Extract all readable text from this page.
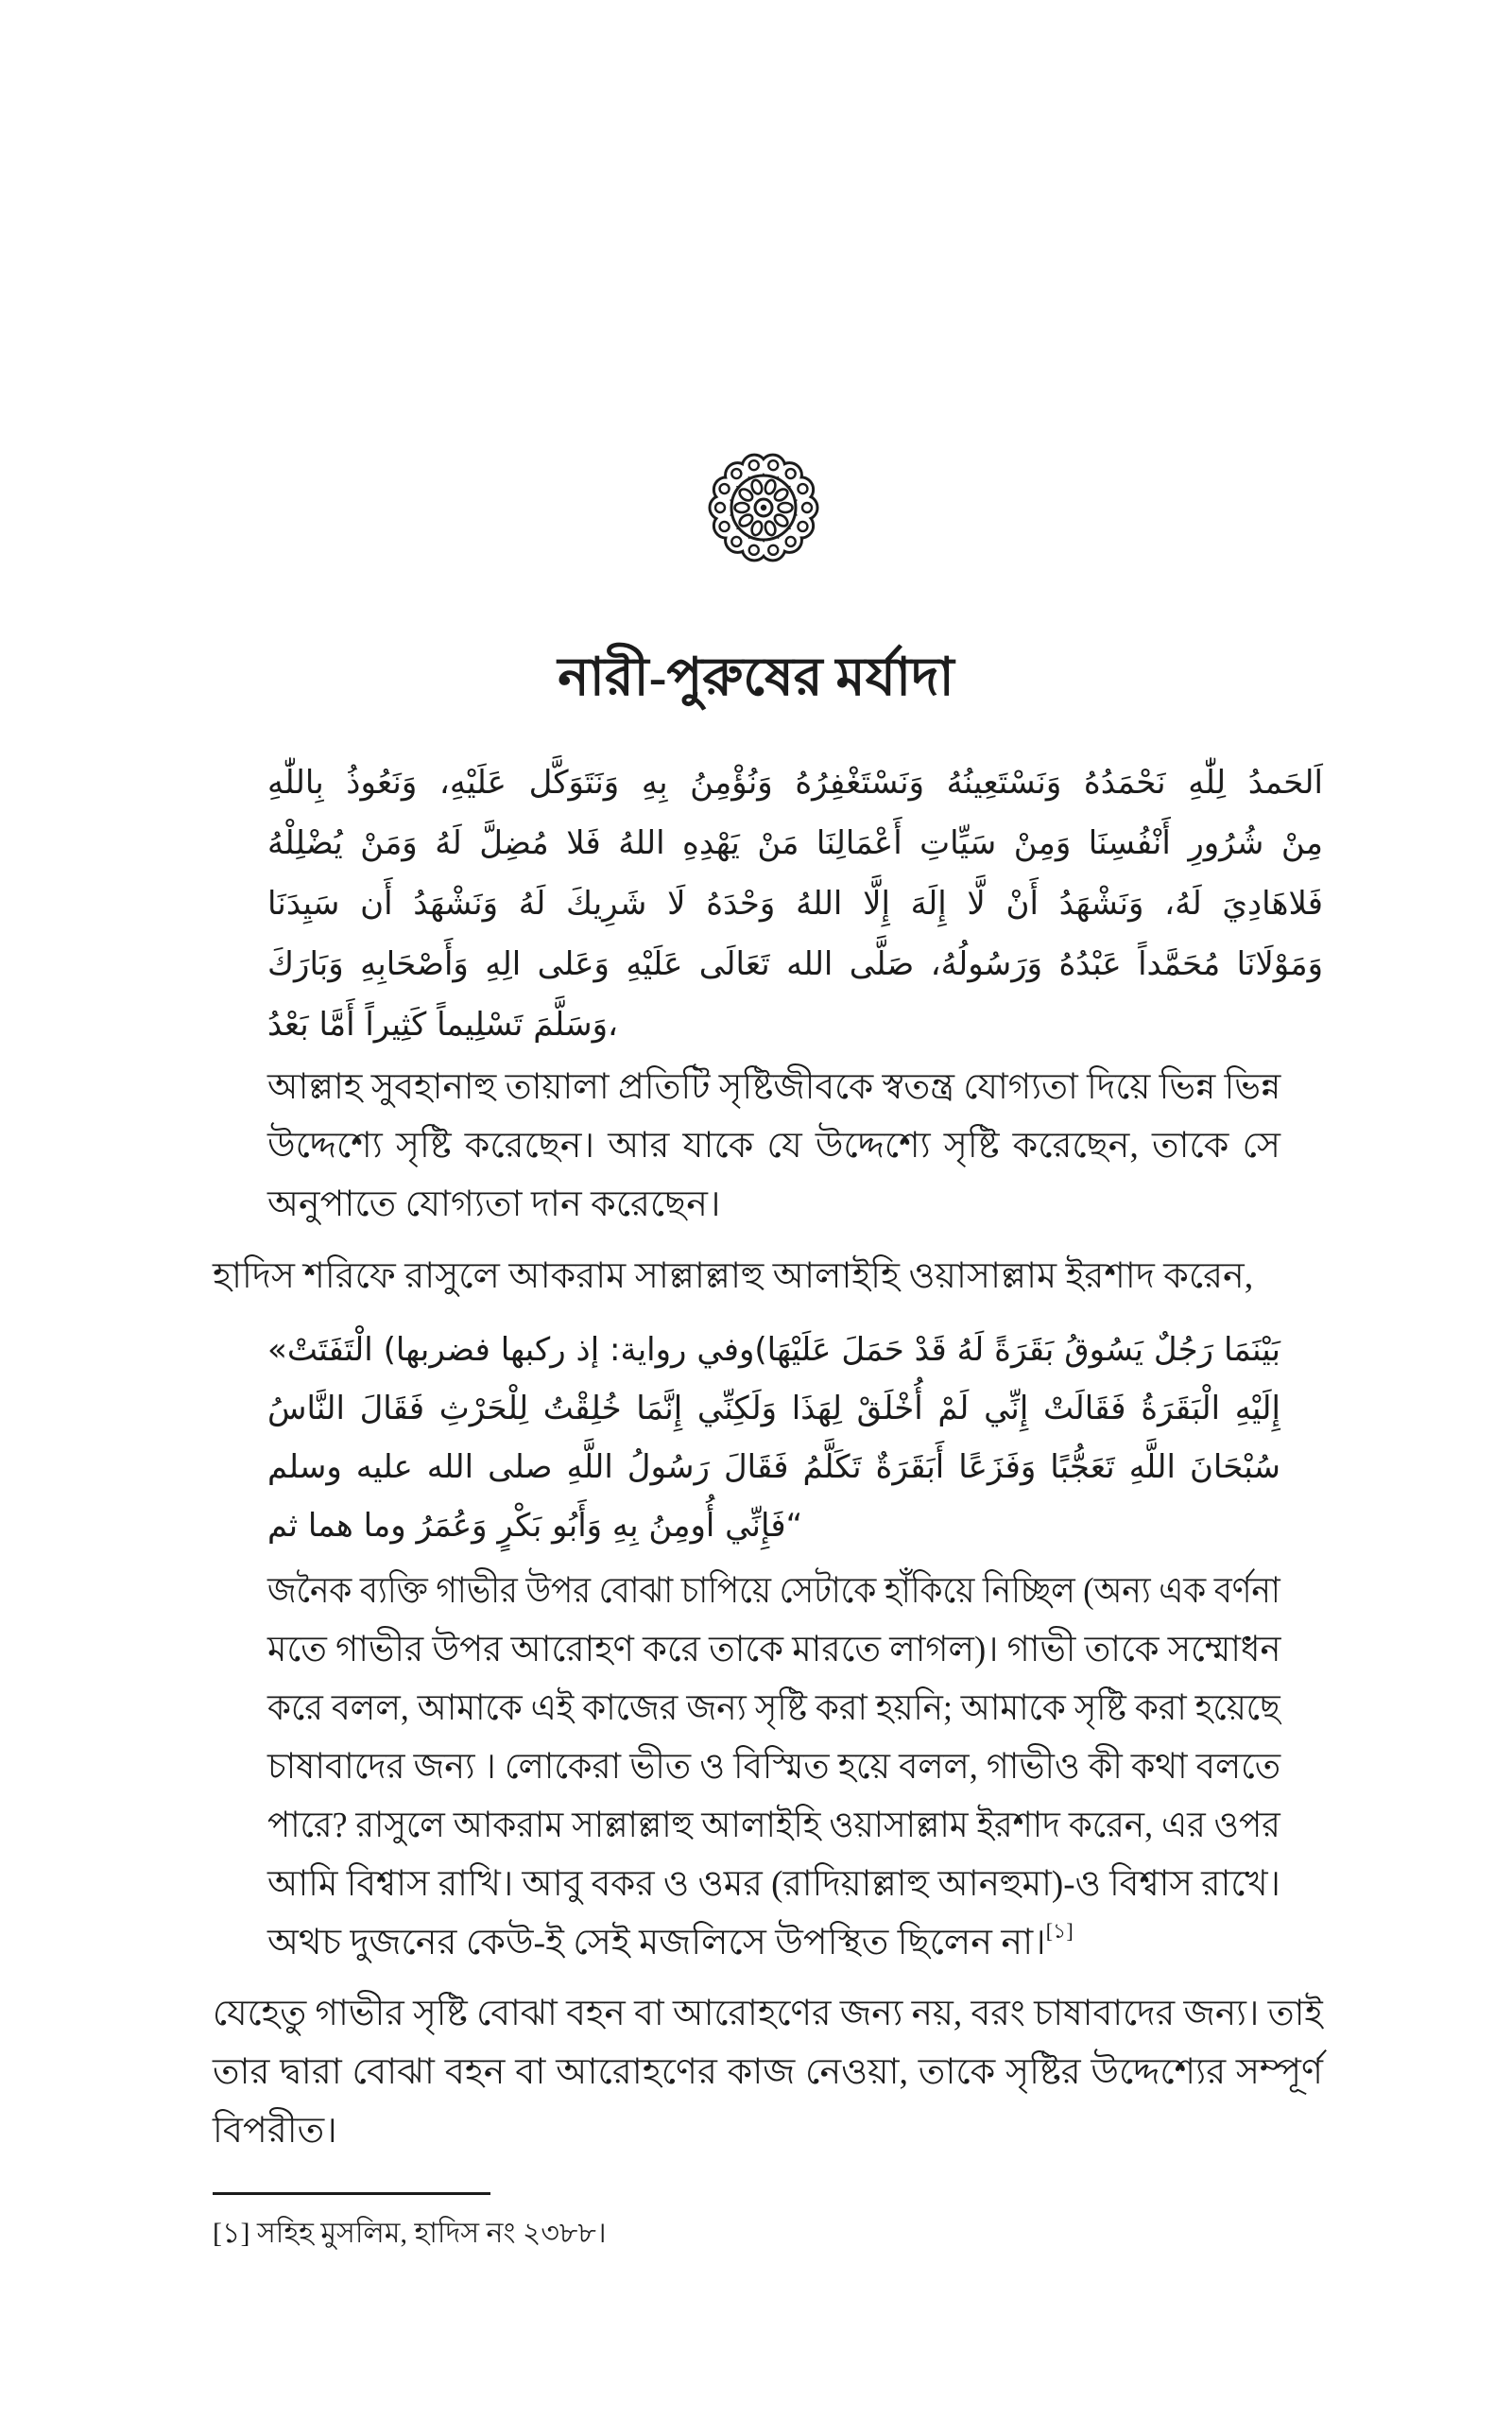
নারী-পুরুষের মর্যাদা
اَلحَمدُ لِلّٰهِ نَحْمَدُهُ وَنَسْتَعِينُهُ وَنَسْتَغْفِرُهُ وَنُؤْمِنُ بِهِ وَنَتَوَكَّل عَلَيْهِ، وَنَعُوذُ بِاللّٰهِ
مِنْ شُرُورِ أَنْفُسِنَا وَمِنْ سَيِّاتِ أَعْمَالِنَا مَنْ يَهْدِهِ اللهُ فَلا مُضِلَّ لَهُ وَمَنْ يُضْلِلْهُ
فَلاهَادِيَ لَهُ، وَنَشْهَدُ أَنْ لَّا إِلَهَ إِلَّا اللهُ وَحْدَهُ لَا شَرِيكَ لَهُ وَنَشْهَدُ أَن سَيِدَنَا
وَمَوْلَانَا مُحَمَّداً عَبْدُهُ وَرَسُولُهُ، صَلَّى الله تَعَالَى عَلَيْهِ وَعَلى الِهِ وَأَصْحَابِهِ وَبَارَكَ
وَسَلَّمَ تَسْلِيماً كَثِيراً أَمَّا بَعْدُ،
আল্লাহ সুবহানাহু তায়ালা প্রতিটি সৃষ্টিজীবকে স্বতন্ত্র যোগ্যতা দিয়ে ভিন্ন ভিন্ন
উদ্দেশ্যে সৃষ্টি করেছেন। আর যাকে যে উদ্দেশ্যে সৃষ্টি করেছেন, তাকে সে
অনুপাতে যোগ্যতা দান করেছেন।
হাদিস শরিফে রাসুলে আকরাম সাল্লাল্লাহু আলাইহি ওয়াসাল্লাম ইরশাদ করেন,
«بَيْنَمَا رَجُلٌ يَسُوقُ بَقَرَةً لَهُ قَدْ حَمَلَ عَلَيْهَا)وفي رواية: إذ ركبها فضربها) الْتَفَتَتْ
إِلَيْهِ الْبَقَرَةُ فَقَالَتْ إِنِّي لَمْ أُخْلَقْ لِهَذَا وَلَكِنِّي إِنَّمَا خُلِقْتُ لِلْحَرْثِ فَقَالَ النَّاسُ
سُبْحَانَ اللَّهِ تَعَجُّبًا وَفَزَعًا أَبَقَرَةٌ تَكَلَّمُ فَقَالَ رَسُولُ اللَّهِ صلى الله عليه وسلم
فَإِنِّي أُومِنُ بِهِ وَأَبُو بَكْرٍ وَعُمَرُ وما هما ثم“
জনৈক ব্যক্তি গাভীর উপর বোঝা চাপিয়ে সেটাকে হাঁকিয়ে নিচ্ছিল (অন্য এক বর্ণনা
মতে গাভীর উপর আরোহণ করে তাকে মারতে লাগল)। গাভী তাকে সম্মোধন
করে বলল, আমাকে এই কাজের জন্য সৃষ্টি করা হয়নি; আমাকে সৃষ্টি করা হয়েছে
চাষাবাদের জন্য । লোকেরা ভীত ও বিস্মিত হয়ে বলল, গাভীও কী কথা বলতে
পারে? রাসুলে আকরাম সাল্লাল্লাহু আলাইহি ওয়াসাল্লাম ইরশাদ করেন, এর ওপর
আমি বিশ্বাস রাখি। আবু বকর ও ওমর (রাদিয়াল্লাহু আনহুমা)-ও বিশ্বাস রাখে।
অথচ দুজনের কেউ-ই সেই মজলিসে উপস্থিত ছিলেন না।[১]
যেহেতু গাভীর সৃষ্টি বোঝা বহন বা আরোহণের জন্য নয়, বরং চাষাবাদের জন্য। তাই
তার দ্বারা বোঝা বহন বা আরোহণের কাজ নেওয়া, তাকে সৃষ্টির উদ্দেশ্যের সম্পূর্ণ
বিপরীত।
[১] সহিহ মুসলিম, হাদিস নং ২৩৮৮।
